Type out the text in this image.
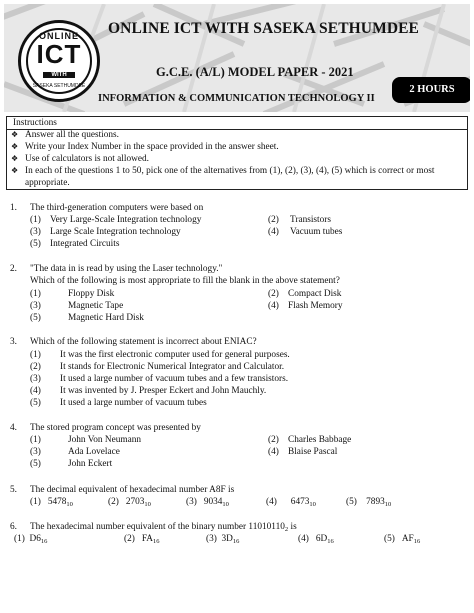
ONLINE
ICT
WITH
SASEKA SETHUMDEE
ONLINE ICT WITH SASEKA SETHUMDEE
G.C.E. (A/L) MODEL PAPER - 2021
INFORMATION & COMMUNICATION TECHNOLOGY II
2 HOURS
Instructions
❖ Answer all the questions.
❖ Write your Index Number in the space provided in the answer sheet.
❖ Use of calculators is not allowed.
❖ In each of the questions 1 to 50, pick one of the alternatives from (1), (2), (3), (4), (5) which is correct or most
appropriate.
1. The third-generation computers were based on
(1) Very Large-Scale Integration technology	(2) Transistors
(3) Large Scale Integration technology	(4) Vacuum tubes
(5) Integrated Circuits
2. "The data in is read by using the Laser technology."
Which of the following is most appropriate to fill the blank in the above statement?
(1)	Floppy Disk	(2) Compact Disk
(3)	Magnetic Tape	(4) Flash Memory
(5)	Magnetic Hard Disk
3. Which of the following statement is incorrect about ENIAC?
(1) It was the first electronic computer used for general purposes.
(2) It stands for Electronic Numerical Integrator and Calculator.
(3) It used a large number of vacuum tubes and a few transistors.
(4) It was invented by J. Presper Eckert and John Mauchly.
(5) It used a large number of vacuum tubes
4. The stored program concept was presented by
(1)	John Von Neumann	(2) Charles Babbage
(3)	Ada Lovelace	(4) Blaise Pascal
(5)	John Eckert
5. The decimal equivalent of hexadecimal number A8F is
(1) $5478_{10}$	(2) $2703_{10}$	(3) $9034_{10}$	(4) $6473_{10}$	(5) $7893_{10}$
6. The hexadecimal number equivalent of the binary number $11010110_2$ is
(1) $D6_{16}$	(2) $FA_{16}$	(3) $3D_{16}$	(4) $6D_{16}$	(5) $AF_{16}$
